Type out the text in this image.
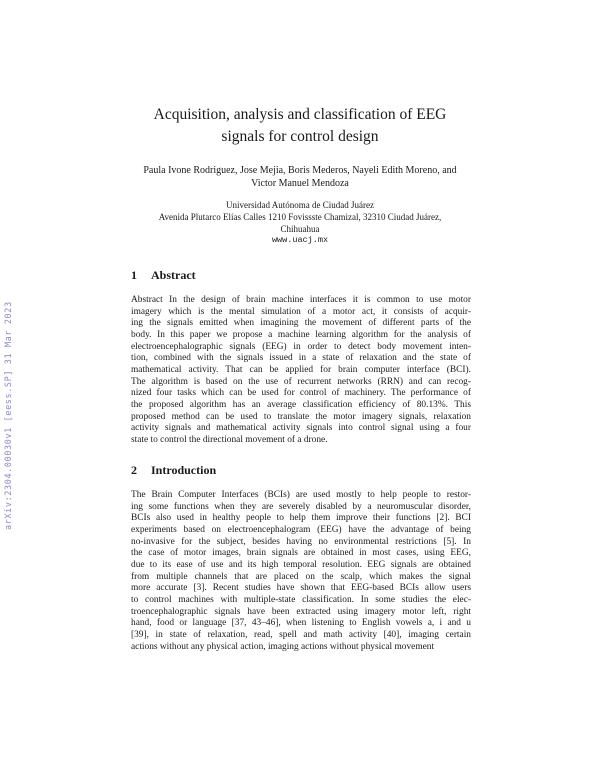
arXiv:2304.00030v1 [eess.SP] 31 Mar 2023
Acquisition, analysis and classification of EEG
signals for control design
Paula Ivone Rodriguez, Jose Mejia, Boris Mederos, Nayeli Edith Moreno, and
Victor Manuel Mendoza
Universidad Autónoma de Ciudad Juárez
Avenida Plutarco Elías Calles 1210 Fovissste Chamizal, 32310 Ciudad Juárez,
Chihuahua
www.uacj.mx
1 Abstract
Abstract In the design of brain machine interfaces it is common to use motor
imagery which is the mental simulation of a motor act, it consists of acquir-
ing the signals emitted when imagining the movement of different parts of the
body. In this paper we propose a machine learning algorithm for the analysis of
electroencephalographic signals (EEG) in order to detect body movement inten-
tion, combined with the signals issued in a state of relaxation and the state of
mathematical activity. That can be applied for brain computer interface (BCI).
The algorithm is based on the use of recurrent networks (RRN) and can recog-
nized four tasks which can be used for control of machinery. The performance of
the proposed algorithm has an average classification efficiency of 80.13%. This
proposed method can be used to translate the motor imagery signals, relaxation
activity signals and mathematical activity signals into control signal using a four
state to control the directional movement of a drone.
2 Introduction
The Brain Computer Interfaces (BCIs) are used mostly to help people to restor-
ing some functions when they are severely disabled by a neuromuscular disorder,
BCIs also used in healthy people to help them improve their functions [2]. BCI
experiments based on electroencephalogram (EEG) have the advantage of being
no-invasive for the subject, besides having no environmental restrictions [5]. In
the case of motor images, brain signals are obtained in most cases, using EEG,
due to its ease of use and its high temporal resolution. EEG signals are obtained
from multiple channels that are placed on the scalp, which makes the signal
more accurate [3]. Recent studies have shown that EEG-based BCIs allow users
to control machines with multiple-state classification. In some studies the elec-
troencephalographic signals have been extracted using imagery motor left, right
hand, food or language [37, 43–46], when listening to English vowels a, i and u
[39], in state of relaxation, read, spell and math activity [40], imaging certain
actions without any physical action, imaging actions without physical movement
